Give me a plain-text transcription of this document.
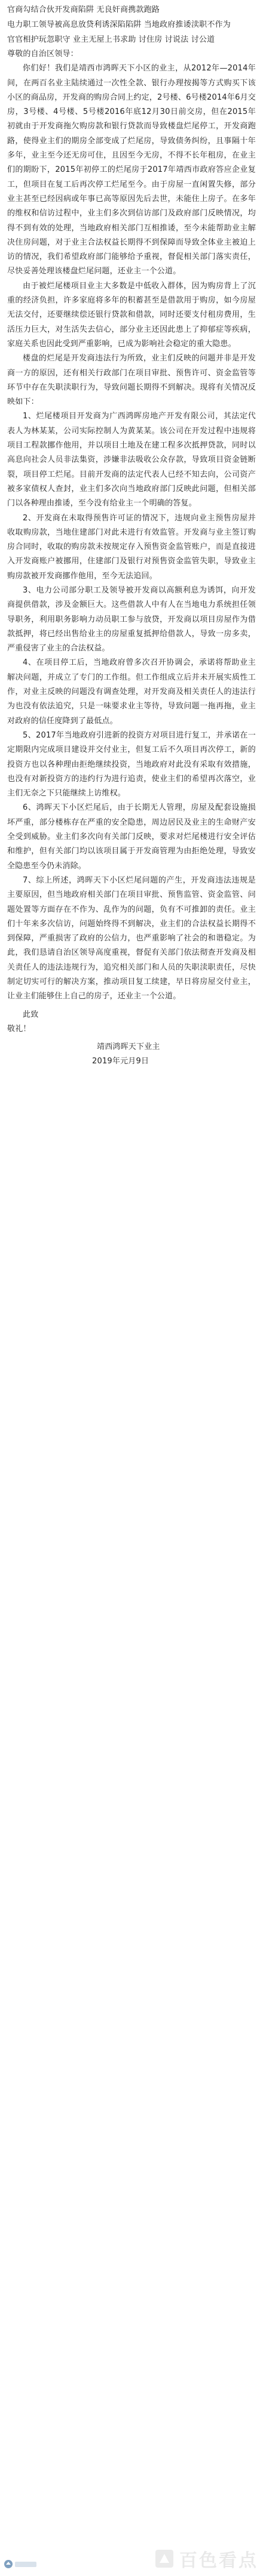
官商勾结合伙开发商陷阱 无良奸商携款跑路

电力职工领导被高息放贷利诱深陷陷阱 当地政府推诿渎职不作为

官官相护玩忽职守 业主无屋上书求助 讨住房 讨说法 讨公道

尊敬的自治区领导：

你们好！我们是靖西市鸿晖天下小区的业主，从2012年—2014年间，在两百名业主陆续通过一次性全款、银行办理按揭等方式购买下该小区的商品房，开发商的购房合同上约定，2号楼、6号楼2014年6月交房，3号楼、4号楼、5号楼2016年底12月30日前交房，但在2015年初就由于开发商拖欠购房款和银行贷款而导致楼盘烂尾停工，开发商跑路，使得业主们的期房全部变成了烂尾房，导致债务纠纷，且事隔十年多年，业主至今还无房可住，且因至今无房，不得不长年租房，在业主们的期盼下，2015年初停工的烂尾房于2017年靖西市政府答应企业复工，但项目在复工后再次停工烂尾至今。由于房屋一直闲置失修，部分业主甚至已经因病或年事已高等原因先后去世，未能住上房子。在多年的维权和信访过程中，业主们多次到信访部门及政府部门反映情况，均得不到有效的处理，当地政府相关部门互相推诿，至今未能帮助业主解决住房问题，对于业主合法权益长期得不到保障而导致全体业主被迫上访的情况，我们希望政府部门能够给予重视，督促相关部门落实责任，尽快妥善处理该楼盘烂尾问题，还业主一个公道。

由于被烂尾楼项目业主大多数是中低收入群体，因为购房背上了沉重的经济负担，许多家庭将多年的积蓄甚至是借款用于购房，如今房屋无法交付，还要继续偿还银行贷款和借款，同时还要支付租房费用，生活压力巨大，对生活失去信心，部分业主还因此患上了抑郁症等疾病，家庭关系也因此受到严重影响，已成为影响社会稳定的重大隐患。

楼盘的烂尾是开发商违法行为所致，业主们反映的问题并非是开发商一方的原因，还有相关行政部门在项目审批、预售许可、资金监管等环节中存在失职渎职行为，导致问题长期得不到解决。现将有关情况反映如下：

1、烂尾楼项目开发商为广西鸿晖房地产开发有限公司，其法定代表人为林某某，公司实际控制人为黄某某。该公司在开发过程中违规将项目工程款挪作他用，并以项目土地及在建工程多次抵押贷款，同时以高息向社会人员非法集资，涉嫌非法吸收公众存款，导致项目资金链断裂，项目停工烂尾。目前开发商的法定代表人已经不知去向，公司资产被多家债权人查封，业主们多次向当地政府部门反映此问题，但相关部门以各种理由推诿，至今没有给业主一个明确的答复。

2、开发商在未取得预售许可证的情况下，违规向业主预售房屋并收取购房款，当地住建部门对此未进行有效监管。开发商与业主签订购房合同时，收取的购房款未按规定存入预售资金监管账户，而是直接进入开发商账户被挪用，住建部门及银行对预售资金监管失职，导致业主购房款被开发商挪作他用，至今无法追回。

3、电力公司部分职工及领导被开发商以高额利息为诱饵，向开发商提供借款，涉及金额巨大。这些借款人中有人在当地电力系统担任领导职务，利用职务影响力动员职工参与放贷，开发商以项目房屋作为借款抵押，将已经出售给业主的房屋重复抵押给借款人，导致一房多卖，严重侵害了业主的合法权益。

4、在项目停工后，当地政府曾多次召开协调会，承诺将帮助业主解决问题，并成立了专门的工作组。但工作组成立后并未开展实质性工作，对业主反映的问题没有调查处理，对开发商及相关责任人的违法行为也没有依法追究，只是一味要求业主等待，导致问题一拖再拖，业主对政府的信任度降到了最低点。

5、2017年当地政府引进新的投资方对项目进行复工，并承诺在一定期限内完成项目建设并交付业主，但复工后不久项目再次停工，新的投资方也以各种理由拒绝继续投资，当地政府对此没有采取有效措施，也没有对新投资方的违约行为进行追责，使业主们的希望再次落空，业主们无奈之下只能继续上访维权。

6、鸿晖天下小区烂尾后，由于长期无人管理，房屋及配套设施损坏严重，部分楼栋存在严重的安全隐患，周边居民及业主的生命财产安全受到威胁。业主们多次向有关部门反映，要求对烂尾楼进行安全评估和维护，但有关部门均以该项目属于开发商管理为由拒绝处理，导致安全隐患至今仍未消除。

7、综上所述，鸿晖天下小区烂尾问题的产生，开发商违法违规是主要原因，但当地政府相关部门在项目审批、预售监管、资金监管、问题处置等方面存在不作为、乱作为的问题，负有不可推卸的责任。业主们十年来多次信访，问题始终得不到解决，业主们的合法权益长期得不到保障，严重损害了政府的公信力，也严重影响了社会的和谐稳定。为此，我们恳请自治区领导高度重视，督促有关部门依法彻查开发商及相关责任人的违法违规行为，追究相关部门和人员的失职渎职责任，尽快制定切实可行的解决方案，推动项目复工续建，早日将房屋交付业主，让业主们能够住上自己的房子，还业主一个公道。

此致

敬礼！

靖西鸿晖天下业主

2019年元月9日

百色看点
